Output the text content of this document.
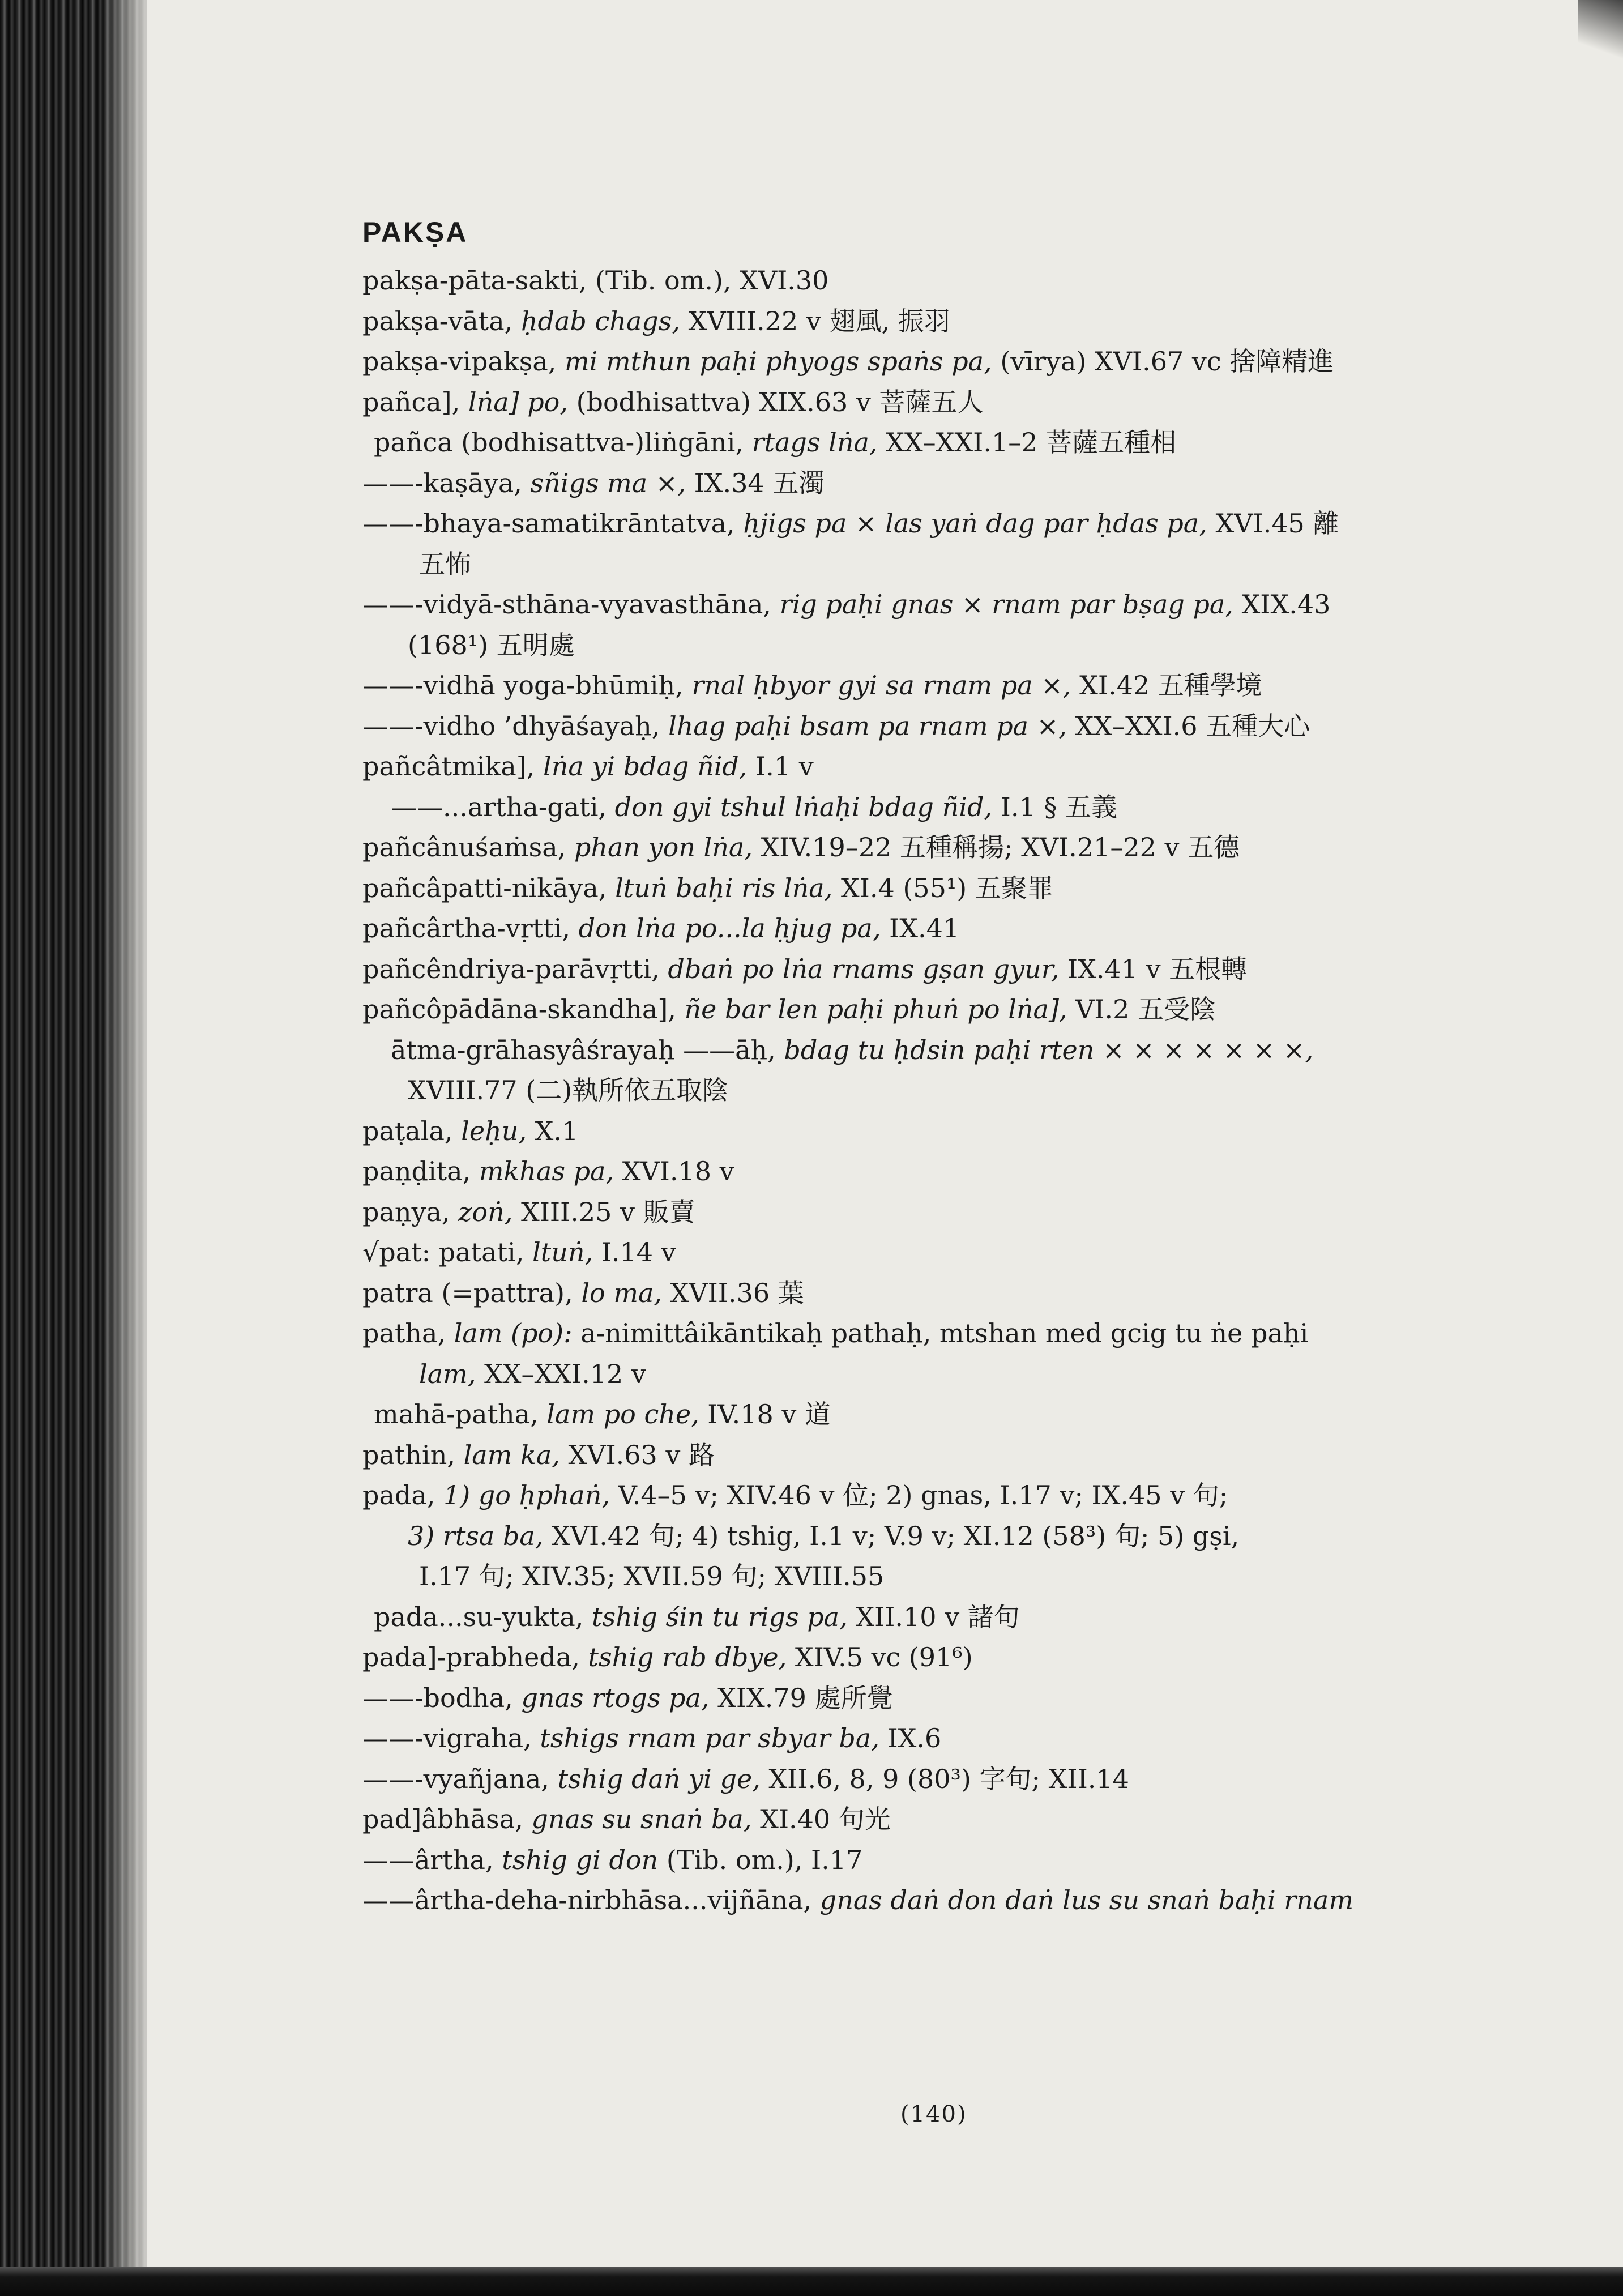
PAKṢA
pakṣa-pāta-sakti, (Tib. om.), XVI.30
pakṣa-vāta, ḥdab chags, XVIII.22 v 翅風, 振羽
pakṣa-vipakṣa, mi mthun paḥi phyogs spaṅs pa, (vīrya) XVI.67 vc 捨障精進
pañca], lṅa] po, (bodhisattva) XIX.63 v 菩薩五人
pañca (bodhisattva-)liṅgāni, rtags lṅa, XX–XXI.1–2 菩薩五種相
——-kaṣāya, sñigs ma ×, IX.34 五濁
——-bhaya-samatikrāntatva, ḥjigs pa × las yaṅ dag par ḥdas pa, XVI.45 離
五怖
——-vidyā-sthāna-vyavasthāna, rig paḥi gnas × rnam par bṣag pa, XIX.43
(168¹) 五明處
——-vidhā yoga-bhūmiḥ, rnal ḥbyor gyi sa rnam pa ×, XI.42 五種學境
——-vidho ’dhyāśayaḥ, lhag paḥi bsam pa rnam pa ×, XX–XXI.6 五種大心
pañcâtmika], lṅa yi bdag ñid, I.1 v
——...artha-gati, don gyi tshul lṅaḥi bdag ñid, I.1 § 五義
pañcânuśaṁsa, phan yon lṅa, XIV.19–22 五種稱揚; XVI.21–22 v 五德
pañcâpatti-nikāya, ltuṅ baḥi ris lṅa, XI.4 (55¹) 五聚罪
pañcârtha-vṛtti, don lṅa po...la ḥjug pa, IX.41
pañcêndriya-parāvṛtti, dbaṅ po lṅa rnams gṣan gyur, IX.41 v 五根轉
pañcôpādāna-skandha], ñe bar len paḥi phuṅ po lṅa], VI.2 五受陰
ātma-grāhasyâśrayaḥ ——āḥ, bdag tu ḥdsin paḥi rten × × × × × × ×,
XVIII.77 (二)執所依五取陰
paṭala, leḥu, X.1
paṇḍita, mkhas pa, XVI.18 v
paṇya, zoṅ, XIII.25 v 販賣
√pat: patati, ltuṅ, I.14 v
patra (=pattra), lo ma, XVII.36 葉
patha, lam (po): a-nimittâikāntikaḥ pathaḥ, mtshan med gcig tu ṅe paḥi
lam, XX–XXI.12 v
mahā-patha, lam po che, IV.18 v 道
pathin, lam ka, XVI.63 v 路
pada, 1) go ḥphaṅ, V.4–5 v; XIV.46 v 位; 2) gnas, I.17 v; IX.45 v 句;
3) rtsa ba, XVI.42 句; 4) tshig, I.1 v; V.9 v; XI.12 (58³) 句; 5) gṣi,
I.17 句; XIV.35; XVII.59 句; XVIII.55
pada...su-yukta, tshig śin tu rigs pa, XII.10 v 諸句
pada]-prabheda, tshig rab dbye, XIV.5 vc (91⁶)
——-bodha, gnas rtogs pa, XIX.79 處所覺
——-vigraha, tshigs rnam par sbyar ba, IX.6
——-vyañjana, tshig daṅ yi ge, XII.6, 8, 9 (80³) 字句; XII.14
pad]âbhāsa, gnas su snaṅ ba, XI.40 句光
——ârtha, tshig gi don (Tib. om.), I.17
——ârtha-deha-nirbhāsa...vijñāna, gnas daṅ don daṅ lus su snaṅ baḥi rnam
(140)
